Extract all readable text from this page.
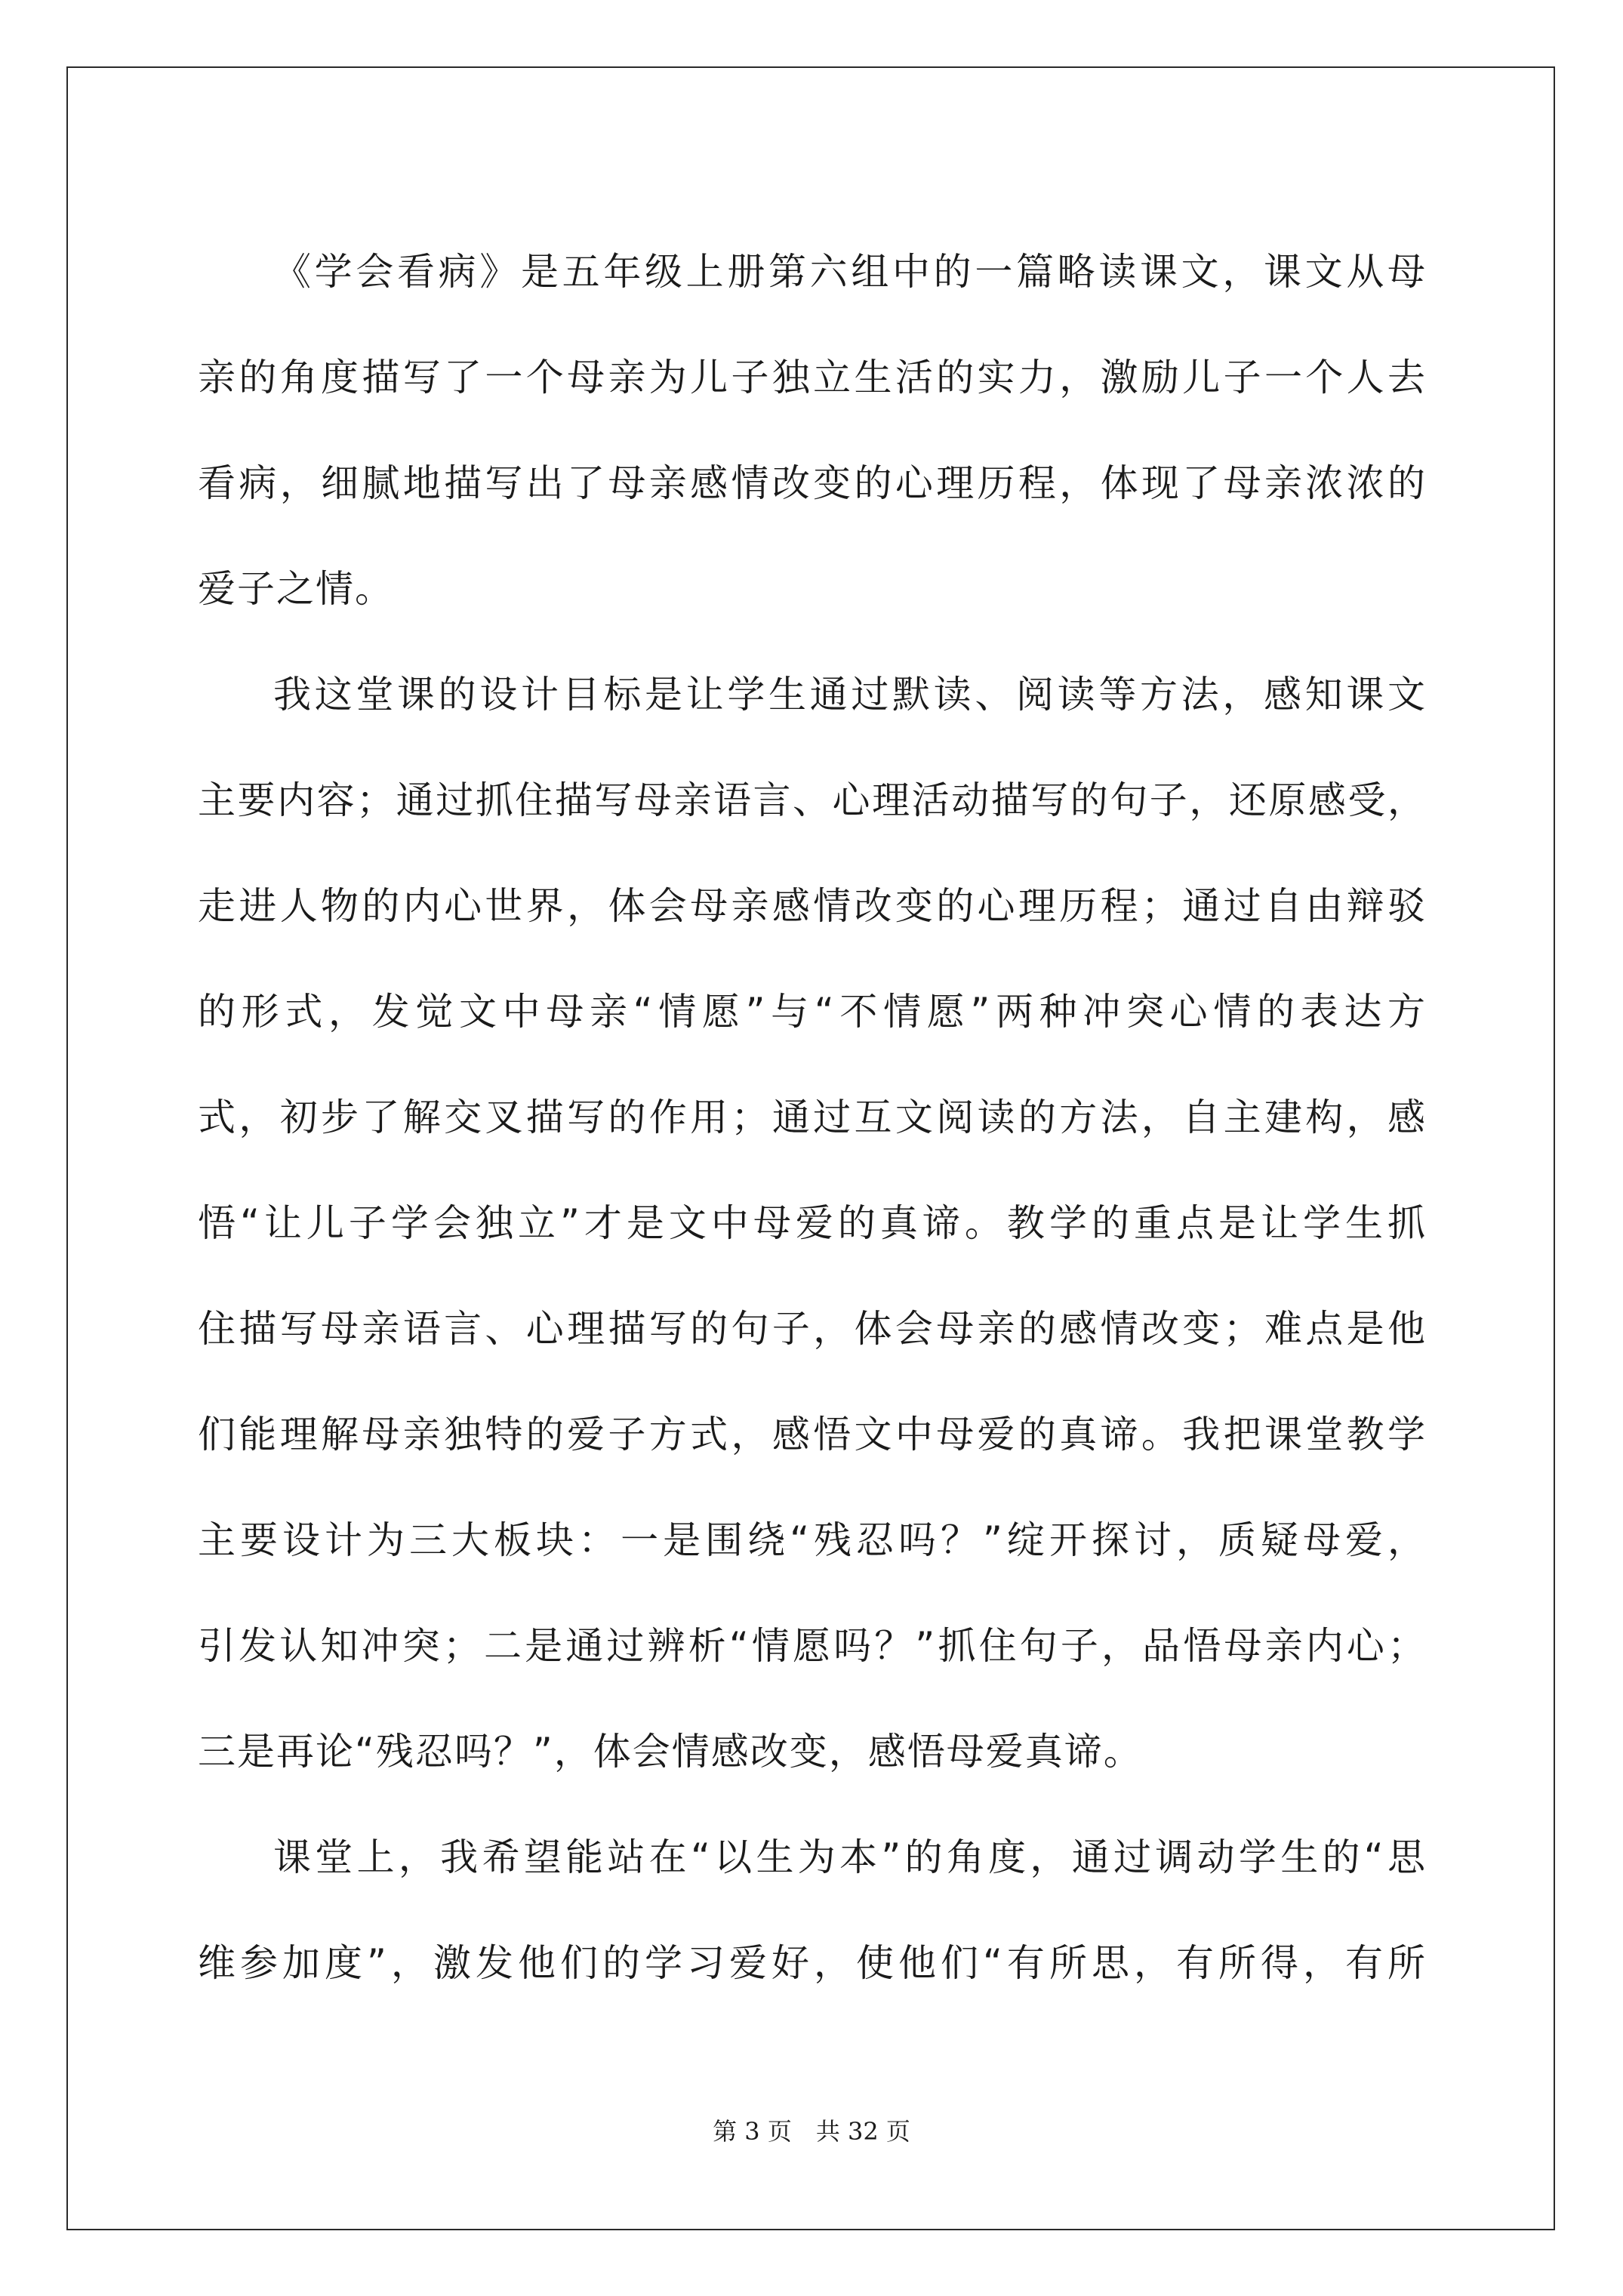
《学会看病》是五年级上册第六组中的一篇略读课文，课文从母
亲的角度描写了一个母亲为儿子独立生活的实力，激励儿子一个人去
看病，细腻地描写出了母亲感情改变的心理历程，体现了母亲浓浓的
爱子之情。
我这堂课的设计目标是让学生通过默读、阅读等方法，感知课文
主要内容；通过抓住描写母亲语言、心理活动描写的句子，还原感受，
走进人物的内心世界，体会母亲感情改变的心理历程；通过自由辩驳
的形式，发觉文中母亲“情愿”与“不情愿”两种冲突心情的表达方
式，初步了解交叉描写的作用；通过互文阅读的方法，自主建构，感
悟“让儿子学会独立”才是文中母爱的真谛。教学的重点是让学生抓
住描写母亲语言、心理描写的句子，体会母亲的感情改变；难点是他
们能理解母亲独特的爱子方式，感悟文中母爱的真谛。我把课堂教学
主要设计为三大板块：一是围绕“残忍吗？”绽开探讨，质疑母爱，
引发认知冲突；二是通过辨析“情愿吗？”抓住句子，品悟母亲内心；
三是再论“残忍吗？”，体会情感改变，感悟母爱真谛。
课堂上，我希望能站在“以生为本”的角度，通过调动学生的“思
维参加度”，激发他们的学习爱好，使他们“有所思，有所得，有所
第 3 页　共 32 页
